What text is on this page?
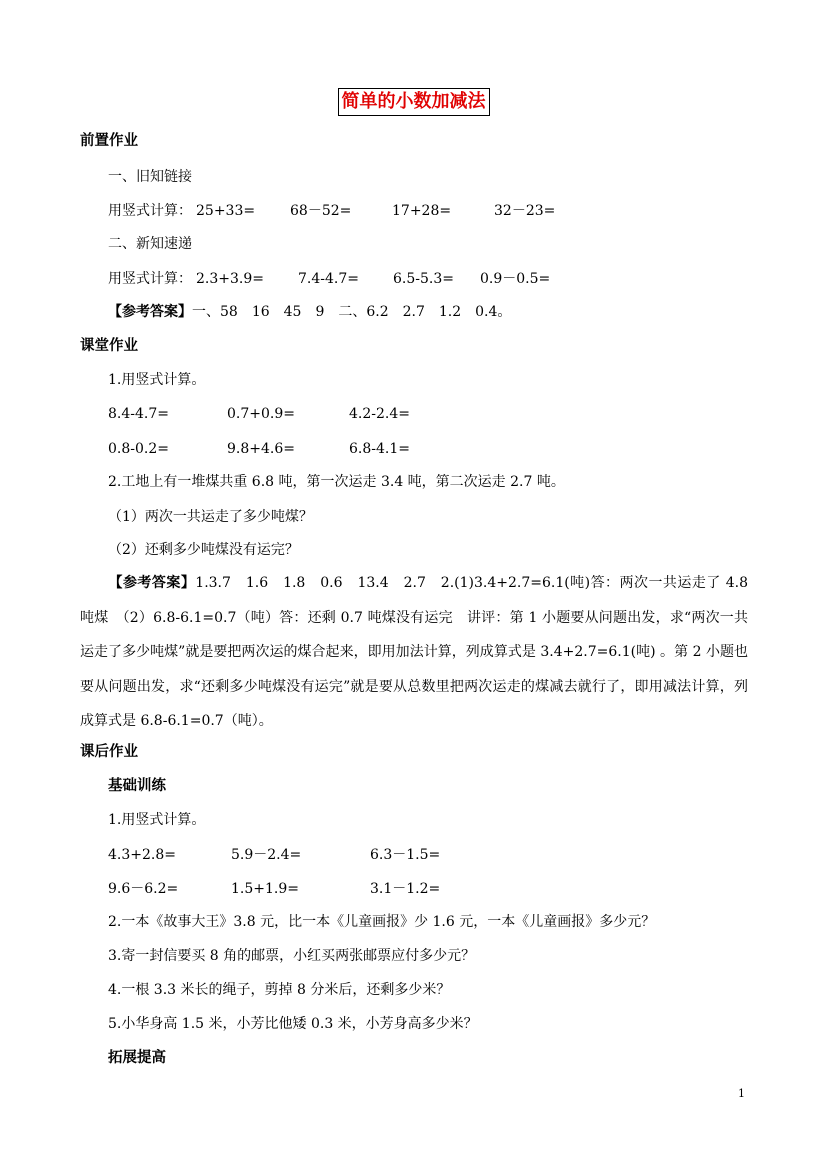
简单的小数加减法
前置作业
一、旧知链接
用竖式计算： 25+33= 68－52=	17+28=	32－23=
二、新知速递
用竖式计算： 2.3+3.9= 7.4-4.7= 6.5-5.3= 0.9－0.5=
【参考答案】一、58　16　45　9　二、6.2　2.7　1.2　0.4。
课堂作业
1.用竖式计算。
8.4-4.7=	0.7+0.9=	4.2-2.4=
0.8-0.2=	9.8+4.6=	6.8-4.1=
2.工地上有一堆煤共重 6.8 吨，第一次运走 3.4 吨，第二次运走 2.7 吨。
（1）两次一共运走了多少吨煤？
（2）还剩多少吨煤没有运完？
【参考答案】1.3.7　1.6　1.8　0.6　13.4　2.7　2.(1)3.4+2.7=6.1(吨)答：两次一共运走了 4.8 吨煤　（2）6.8-6.1=0.7（吨）答：还剩 0.7 吨煤没有运完　讲评：第 1 小题要从问题出发，求“两次一共运走了多少吨煤”就是要把两次运的煤合起来，即用加法计算，列成算式是 3.4+2.7=6.1(吨) 。第 2 小题也要从问题出发，求“还剩多少吨煤没有运完”就是要从总数里把两次运走的煤减去就行了，即用减法计算，列成算式是 6.8-6.1=0.7（吨）。
课后作业
基础训练
1.用竖式计算。
4.3+2.8=	5.9－2.4=	6.3－1.5=
9.6－6.2=	1.5+1.9=	3.1－1.2=
2.一本《故事大王》3.8 元，比一本《儿童画报》少 1.6 元，一本《儿童画报》多少元？
3.寄一封信要买 8 角的邮票，小红买两张邮票应付多少元？
4.一根 3.3 米长的绳子，剪掉 8 分米后，还剩多少米？
5.小华身高 1.5 米，小芳比他矮 0.3 米，小芳身高多少米？
拓展提高
1
